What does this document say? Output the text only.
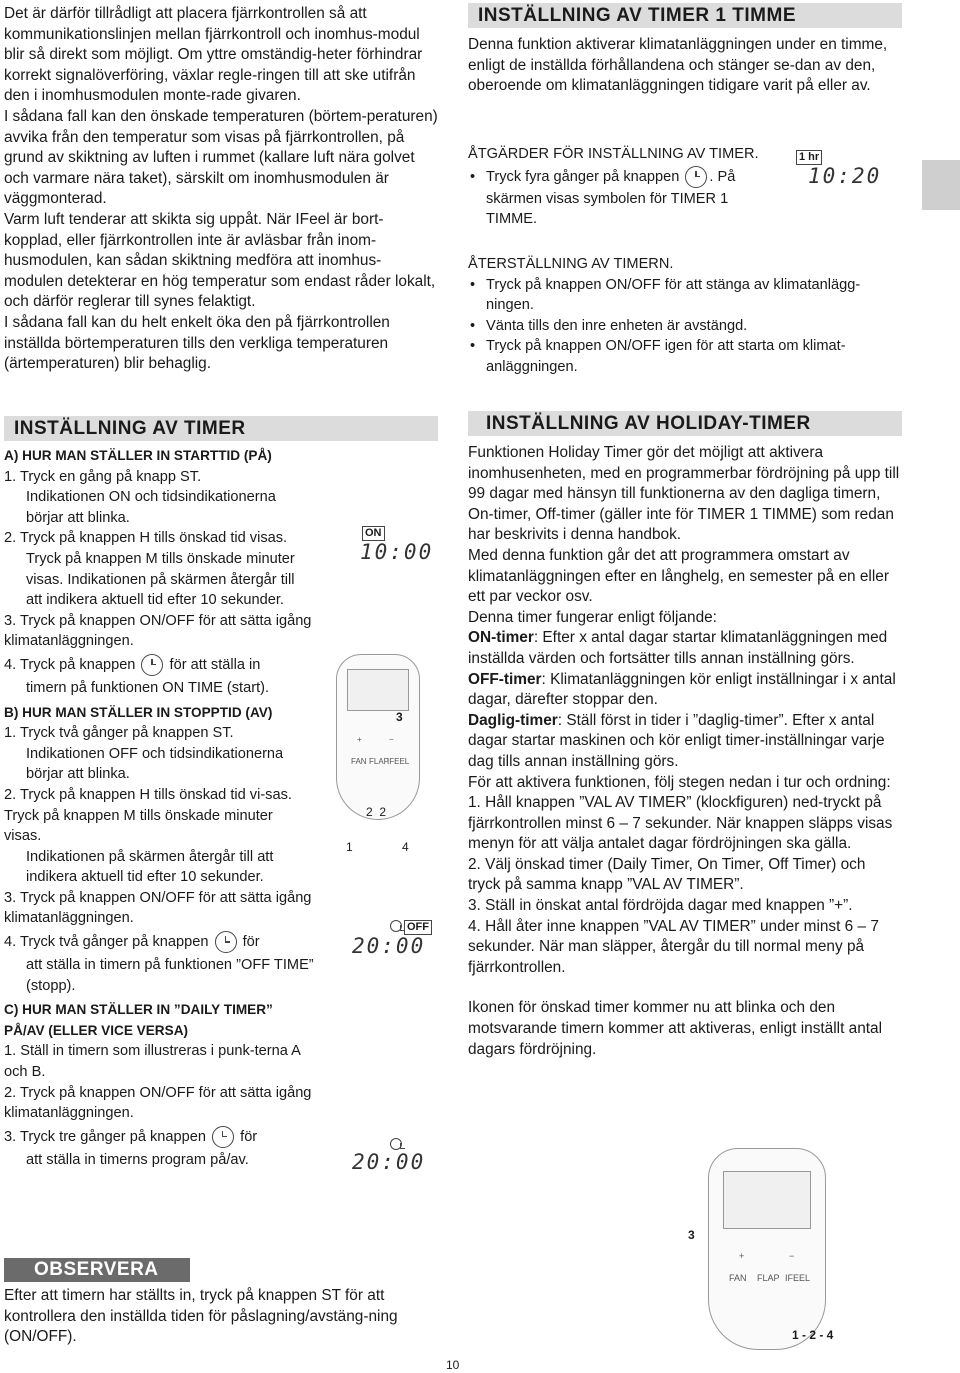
Det är därför tillrådligt att placera fjärrkontrollen så att kommunikationslinjen mellan fjärrkontroll och inomhus-modul blir så direkt som möjligt. Om yttre omständig-heter förhindrar korrekt signalöverföring, växlar regle-ringen till att ske utifrån den i inomhusmodulen monte-rade givaren.

I sådana fall kan den önskade temperaturen (börtem-peraturen) avvika från den temperatur som visas på fjärrkontrollen, på grund av skiktning av luften i rummet (kallare luft nära golvet och varmare nära taket), särskilt om inomhusmodulen är väggmonterad.

Varm luft tenderar att skikta sig uppåt. När IFeel är bort-kopplad, eller fjärrkontrollen inte är avläsbar från inom-husmodulen, kan sådan skiktning medföra att inomhus-modulen detekterar en hög temperatur som endast råder lokalt, och därför reglerar till synes felaktigt.

I sådana fall kan du helt enkelt öka den på fjärrkontrollen inställda börtemperaturen tills den verkliga temperaturen (ärtemperaturen) blir behaglig.

INSTÄLLNING AV TIMER
A) HUR MAN STÄLLER IN STARTTID (PÅ)
1. Tryck en gång på knapp ST.
Indikationen ON och tidsindikationerna börjar att blinka.
2. Tryck på knappen H tills önskad tid visas.
Tryck på knappen M tills önskade minuter visas. Indikationen på skärmen återgår till att indikera aktuell tid efter 10 sekunder.
3. Tryck på knappen ON/OFF för att sätta igång klimatanläggningen.
4. Tryck på knappen för att ställa in
timern på funktionen ON TIME (start).
B) HUR MAN STÄLLER IN STOPPTID (AV)
1. Tryck två gånger på knappen ST.
Indikationen OFF och tidsindikationerna börjar att blinka.
2. Tryck på knappen H tills önskad tid vi-sas. Tryck på knappen M tills önskade minuter visas.
Indikationen på skärmen återgår till att indikera aktuell tid efter 10 sekunder.
3. Tryck på knappen ON/OFF för att sätta igång klimatanläggningen.
4. Tryck två gånger på knappen för
att ställa in timern på funktionen ”OFF TIME” (stopp).
C) HUR MAN STÄLLER IN ”DAILY TIMER” PÅ/AV (ELLER VICE VERSA)
1. Ställ in timern som illustreras i punk-terna A och B.
2. Tryck på knappen ON/OFF för att sätta igång klimatanläggningen.
3. Tryck tre gånger på knappen för
att ställa in timerns program på/av.
ON
10:00
+	−
FAN FLAP
IFEEL
3
2  2
1	4
OFF
20:00
20:00
OBSERVERA
Efter att timern har ställts in, tryck på knappen ST för att kontrollera den inställda tiden för påslagning/avstäng-ning (ON/OFF).
INSTÄLLNING AV TIMER 1 TIMME
Denna funktion aktiverar klimatanläggningen under en timme, enligt de inställda förhållandena och stänger se-dan av den, oberoende om klimatanläggningen tidigare varit på eller av.
ÅTGÄRDER FÖR INSTÄLLNING AV TIMER.
• Tryck fyra gånger på knappen . På
skärmen visas symbolen för TIMER 1 TIMME.
1 hr
10:20
ÅTERSTÄLLNING AV TIMERN.
• Tryck på knappen ON/OFF för att stänga av klimatanlägg-ningen.
• Vänta tills den inre enheten är avstängd.
• Tryck på knappen ON/OFF igen för att starta om klimat-anläggningen.
INSTÄLLNING AV HOLIDAY-TIMER

Funktionen Holiday Timer gör det möjligt att aktivera inomhusenheten, med en programmerbar fördröjning på upp till 99 dagar med hänsyn till funktionerna av den dagliga timern, On-timer, Off-timer (gäller inte för TIMER 1 TIMME) som redan har beskrivits i denna handbok.

Med denna funktion går det att programmera omstart av klimatanläggningen efter en långhelg, en semester på en eller ett par veckor osv.

Denna timer fungerar enligt följande:

ON-timer: Efter x antal dagar startar klimatanläggningen med inställda värden och fortsätter tills annan inställning görs.

OFF-timer: Klimatanläggningen kör enligt inställningar i x antal dagar, därefter stoppar den.

Daglig-timer: Ställ först in tider i ”daglig-timer”. Efter x antal dagar startar maskinen och kör enligt timer-inställningar varje dag tills annan inställning görs.

För att aktivera funktionen, följ stegen nedan i tur och ordning:

1. Håll knappen ”VAL AV TIMER” (klockfiguren) ned-tryckt på fjärrkontrollen minst 6 – 7 sekunder. När knappen släpps visas menyn för att välja antalet dagar fördröjningen ska gälla.

2. Välj önskad timer (Daily Timer, On Timer, Off Timer) och tryck på samma knapp ”VAL AV TIMER”.

3. Ställ in önskat antal fördröjda dagar med knappen ”+”.

4. Håll åter inne knappen ”VAL AV TIMER” under minst 6 – 7 sekunder. När man släpper, återgår du till normal meny på fjärrkontrollen.

Ikonen för önskad timer kommer nu att blinka och den motsvarande timern kommer att aktiveras, enligt inställt antal dagars fördröjning.

+	−
FAN FLAP IFEEL
3
1 - 2 - 4
10
